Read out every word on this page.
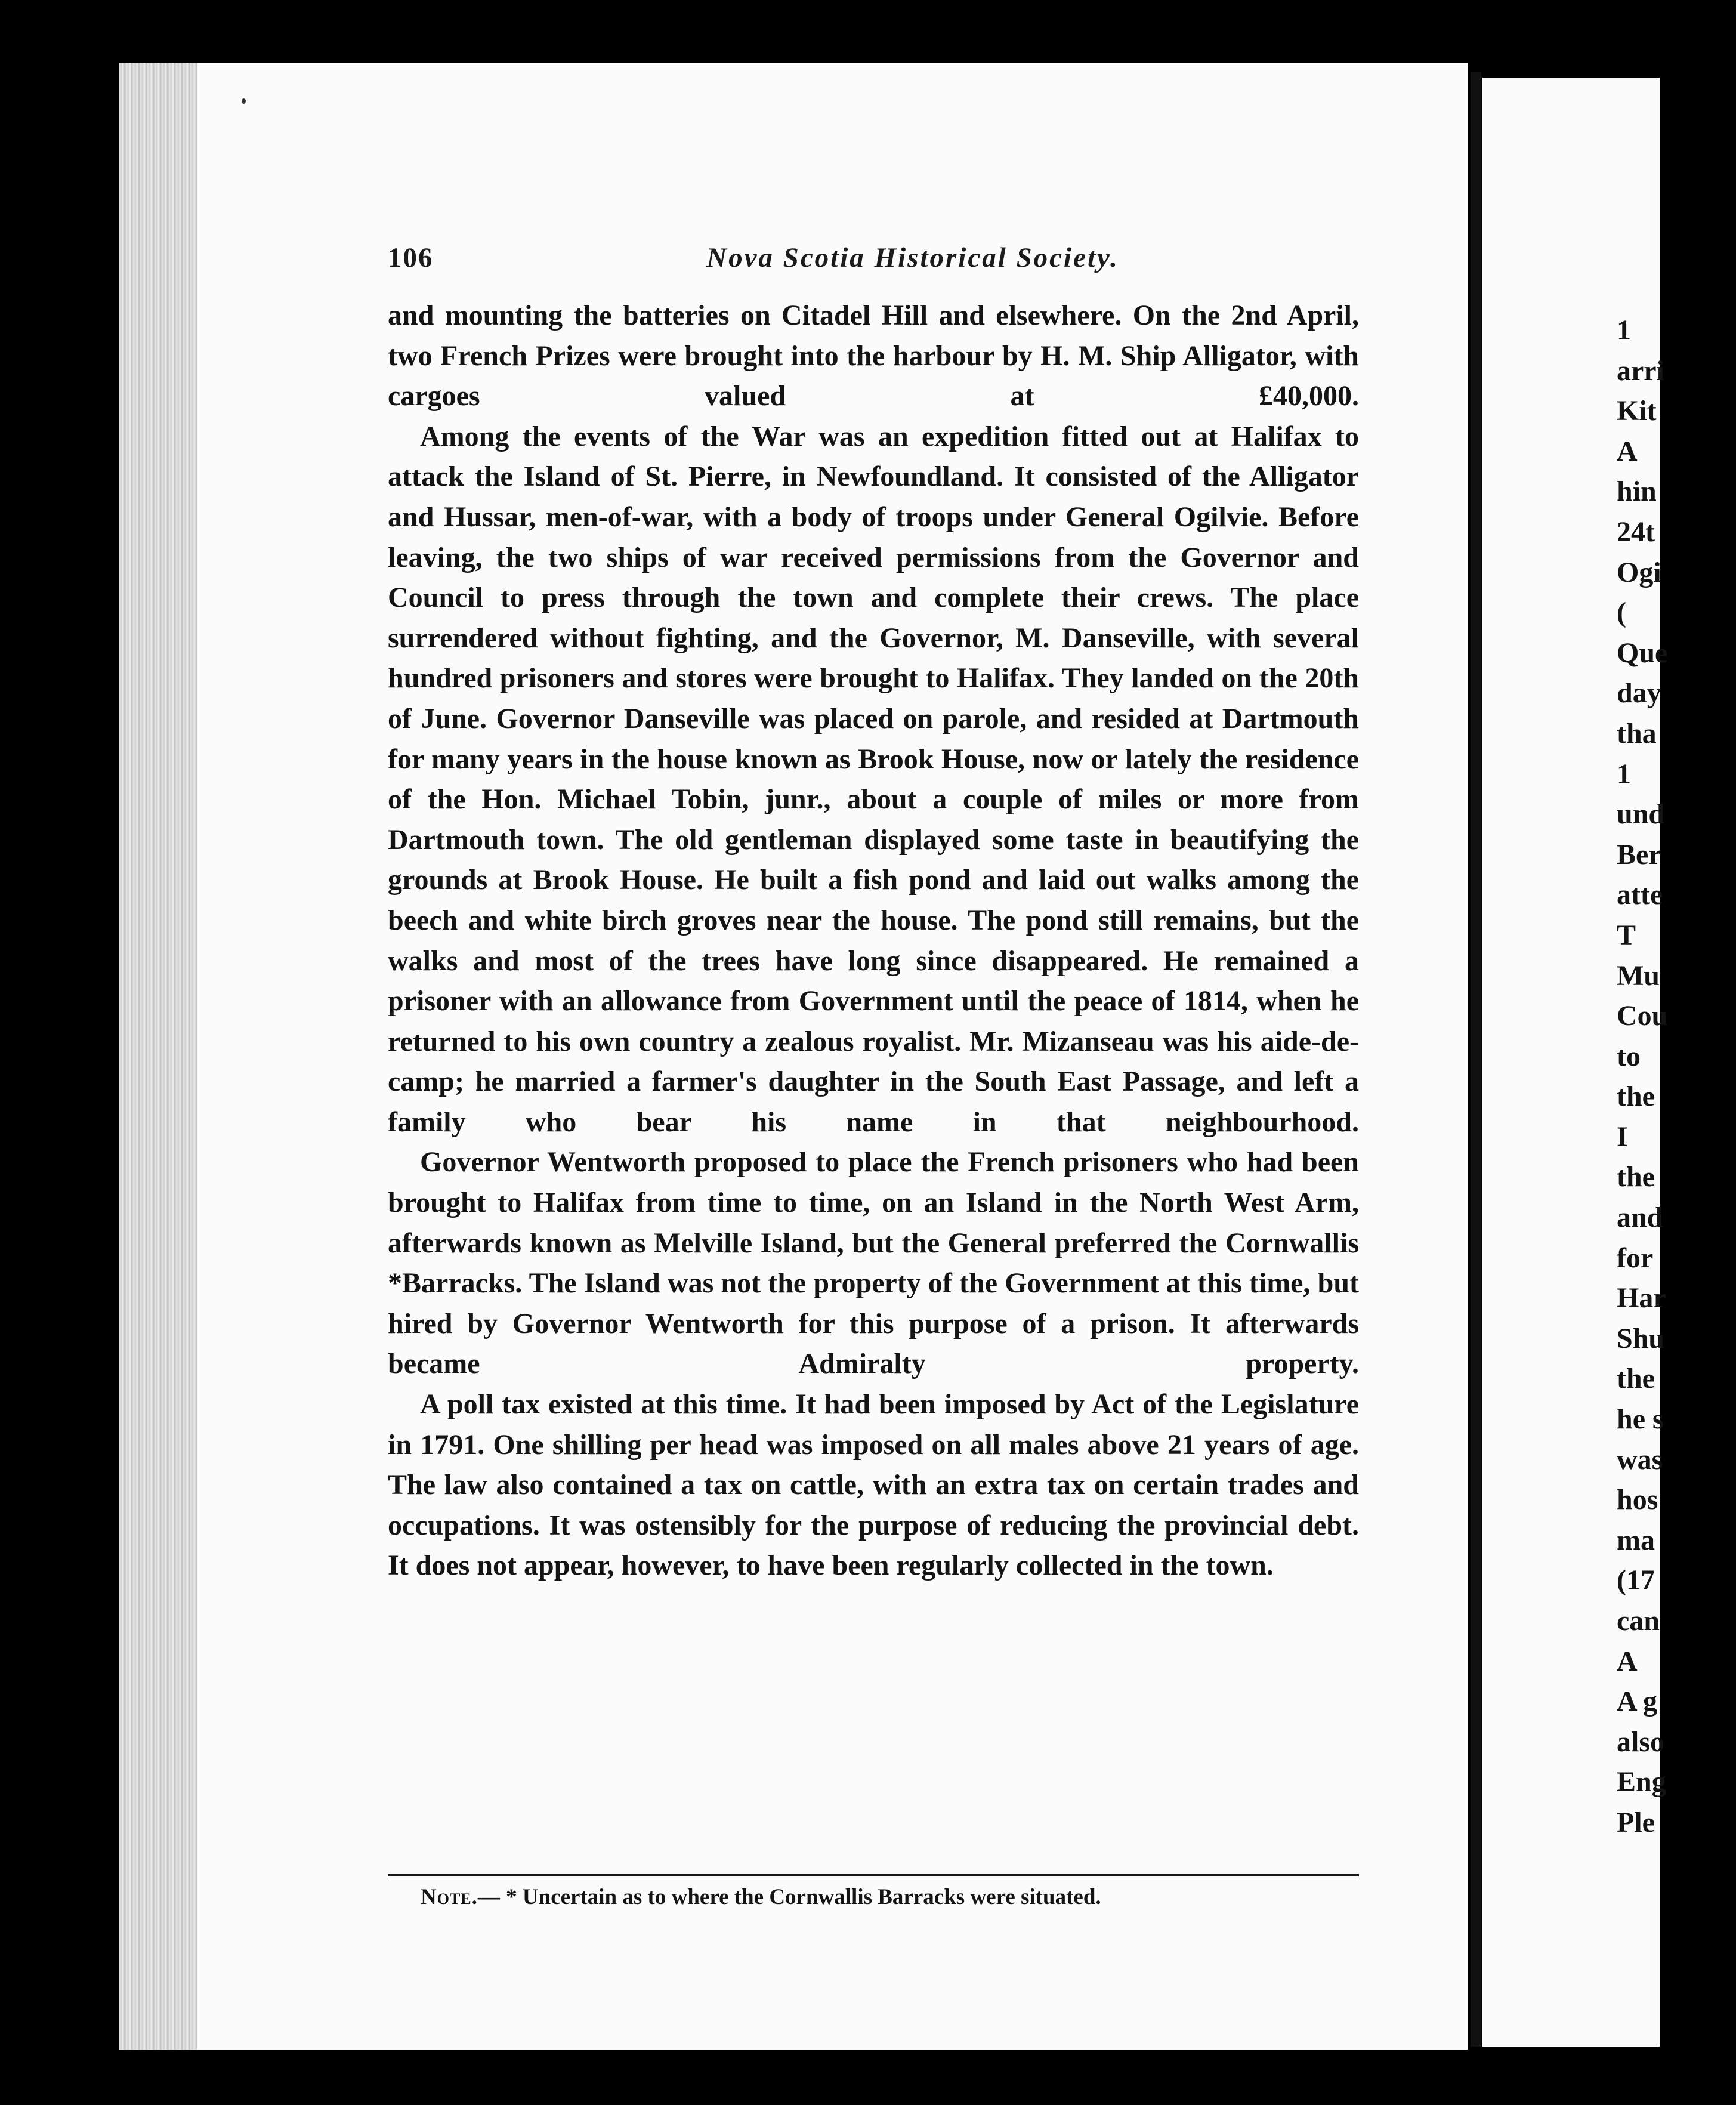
106	Nova Scotia Historical Society.

and mounting the batteries on Citadel Hill and elsewhere. On the 2nd April, two French Prizes were brought into the harbour by H. M. Ship Alligator, with cargoes valued at £40,000.

Among the events of the War was an expedition fitted out at Halifax to attack the Island of St. Pierre, in Newfoundland. It consisted of the Alligator and Hussar, men-of-war, with a body of troops under General Ogilvie. Before leaving, the two ships of war received permissions from the Governor and Council to press through the town and complete their crews. The place surrendered without fighting, and the Governor, M. Danseville, with several hundred prisoners and stores were brought to Halifax. They landed on the 20th of June. Governor Danseville was placed on parole, and resided at Dartmouth for many years in the house known as Brook House, now or lately the residence of the Hon. Michael Tobin, junr., about a couple of miles or more from Dartmouth town. The old gentleman displayed some taste in beautifying the grounds at Brook House. He built a fish pond and laid out walks among the beech and white birch groves near the house. The pond still remains, but the walks and most of the trees have long since disappeared. He remained a prisoner with an allowance from Government until the peace of 1814, when he returned to his own country a zealous royalist. Mr. Mizanseau was his aide-de-camp; he married a farmer's daughter in the South East Passage, and left a family who bear his name in that neighbourhood.

Governor Wentworth proposed to place the French prisoners who had been brought to Halifax from time to time, on an Island in the North West Arm, afterwards known as Melville Island, but the General preferred the Cornwallis *Barracks. The Island was not the property of the Government at this time, but hired by Governor Wentworth for this purpose of a prison. It afterwards became Admiralty property.

A poll tax existed at this time. It had been imposed by Act of the Legislature in 1791. One shilling per head was imposed on all males above 21 years of age. The law also contained a tax on cattle, with an extra tax on certain trades and occupations. It was ostensibly for the purpose of reducing the provincial debt. It does not appear, however, to have been regularly collected in the town.

Note.— * Uncertain as to where the Cornwallis Barracks were situated.
1
arri
Kit
A
hin
24t
Ogi
(
Que
day
tha
1
und
Ber
atte
T
Mu
Cou
to
the
I
the
and
for
Har
Shu
the
he s
was
hos
ma
(17
can
A
A g
also
Eng
Ple
